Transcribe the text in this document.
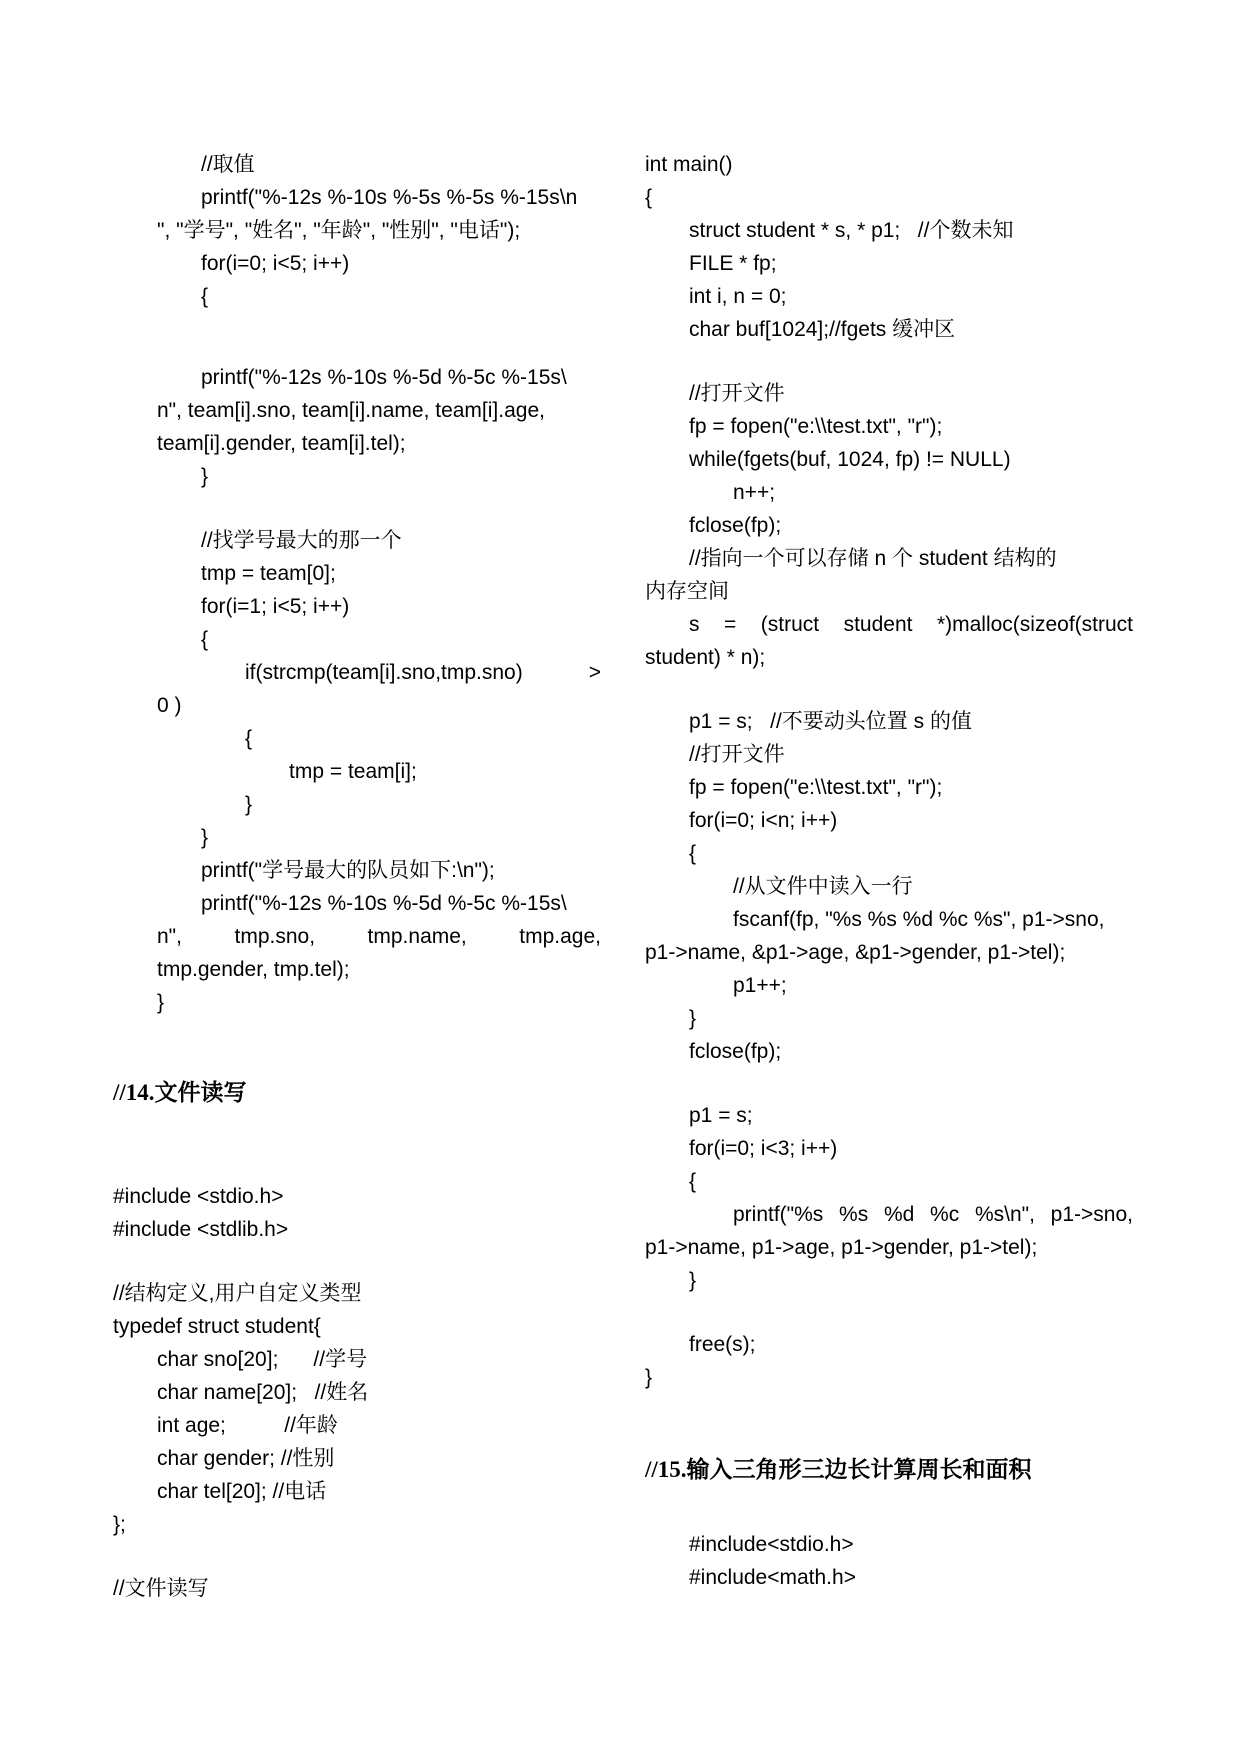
//取值
printf("%-12s %-10s %-5s %-5s %-15s\n
", "学号", "姓名", "年龄", "性别", "电话");
for(i=0; i<5; i++)
{
printf("%-12s %-10s %-5d %-5c %-15s\
n", team[i].sno, team[i].name, team[i].age,
team[i].gender, team[i].tel);
}
//找学号最大的那一个
tmp = team[0];
for(i=1; i<5; i++)
{
if(strcmp(team[i].sno,tmp.sno) >
0 )
{
tmp = team[i];
}
}
printf("学号最大的队员如下:\n");
printf("%-12s %-10s %-5d %-5c %-15s\
n", tmp.sno, tmp.name, tmp.age,
tmp.gender, tmp.tel);
}
//14.文件读写
#include <stdio.h>
#include <stdlib.h>
//结构定义,用户自定义类型
typedef struct student{
char sno[20];      //学号
char name[20];   //姓名
int age;          //年龄
char gender; //性别
char tel[20]; //电话
};
//文件读写
int main()
{
struct student * s, * p1;   //个数未知
FILE * fp;
int i, n = 0;
char buf[1024];//fgets 缓冲区
//打开文件
fp = fopen("e:\\test.txt", "r");
while(fgets(buf, 1024, fp) != NULL)
n++;
fclose(fp);
//指向一个可以存储 n 个 student 结构的
内存空间
s = (struct student *)malloc(sizeof(struct
student) * n);
p1 = s;   //不要动头位置 s 的值
//打开文件
fp = fopen("e:\\test.txt", "r");
for(i=0; i<n; i++)
{
//从文件中读入一行
fscanf(fp, "%s %s %d %c %s", p1->sno,
p1->name, &p1->age, &p1->gender, p1->tel);
p1++;
}
fclose(fp);
p1 = s;
for(i=0; i<3; i++)
{
printf("%s %s %d %c %s\n", p1->sno,
p1->name, p1->age, p1->gender, p1->tel);
}
free(s);
}
//15.输入三角形三边长计算周长和面积
#include<stdio.h>
#include<math.h>
